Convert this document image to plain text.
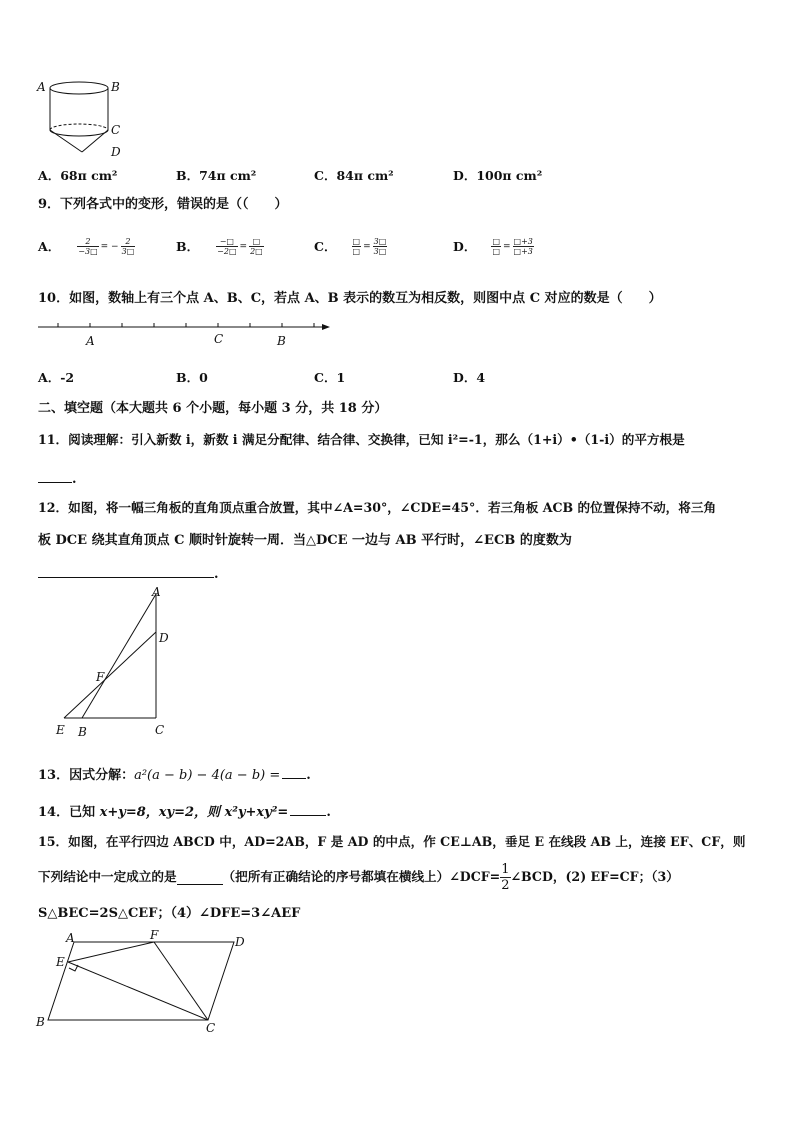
A	B
C
D
A．68π cm²	B．74π cm²	C．84π cm²	D．100π cm²
9．下列各式中的变形，错误的是（（　　）
A． $\frac{2}{-3□}$ = − $\frac{2}{3□}$	B． $\frac{-□}{-2□} = \frac{□}{2□}$	C． $\frac{□}{□} = \frac{3□}{3□}$	D． $\frac{□}{□} = \frac{□+3}{□+3}$
10．如图，数轴上有三个点 A、B、C，若点 A、B 表示的数互为相反数，则图中点 C 对应的数是（　　）
A	C	B
A．-2	B．0	C．1	D．4
二、填空题（本大题共 6 个小题，每小题 3 分，共 18 分）
11．阅读理解：引入新数 i，新数 i 满足分配律、结合律、交换律，已知 i²=-1，那么（1+i）•（1-i）的平方根是
.
12．如图，将一幅三角板的直角顶点重合放置，其中∠A=30°，∠CDE=45°．若三角板 ACB 的位置保持不动，将三角
板 DCE 绕其直角顶点 C 顺时针旋转一周．当△DCE 一边与 AB 平行时，∠ECB 的度数为
.
A
D
F
E B	C
13．因式分解：a²(a − b) − 4(a − b) = .
14．已知 x+y=8，xy=2，则 x²y+xy²=	.
15．如图，在平行四边 ABCD 中，AD=2AB，F 是 AD 的中点，作 CE⊥AB，垂足 E 在线段 AB 上，连接 EF、CF，则
下列结论中一定成立的是	（把所有正确结论的序号都填在横线上）∠DCF= $\frac{1}{2}$ ∠BCD，(2) EF=CF；（3）
S△BEC=2S△CEF；（4）∠DFE=3∠AEF
A	F	D
E
B	C
